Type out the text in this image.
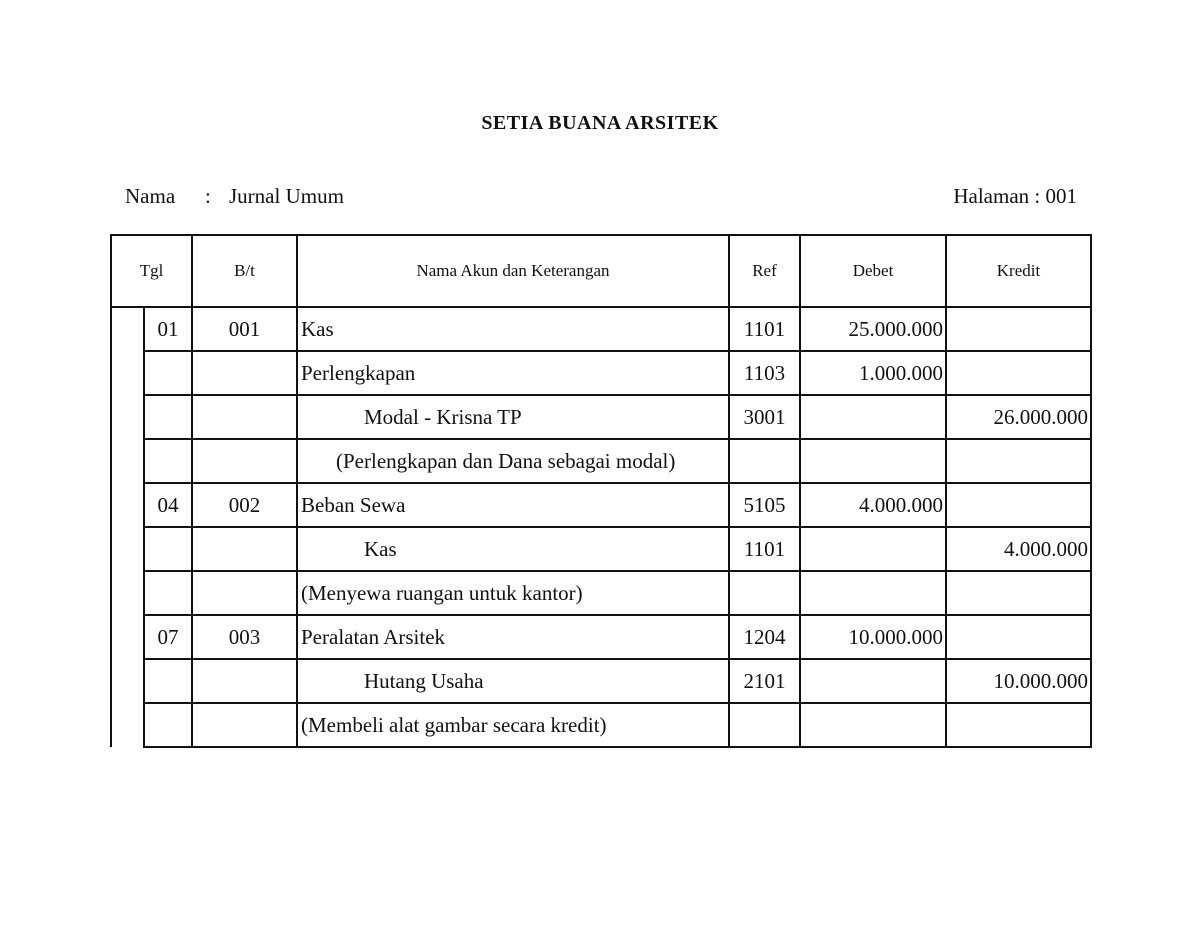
SETIA BUANA ARSITEK
Nama : Jurnal Umum	Halaman : 001
Tgl		B/t	Nama Akun dan Keterangan	Ref	Debet	Kredit
	01	001	Kas	1101	25.000.000	
			Perlengkapan	1103	1.000.000	
			Modal - Krisna TP	3001		26.000.000
			(Perlengkapan dan Dana sebagai modal)			
	04	002	Beban Sewa	5105	4.000.000	
			Kas	1101		4.000.000
			(Menyewa ruangan untuk kantor)			
	07	003	Peralatan Arsitek	1204	10.000.000	
			Hutang Usaha	2101		10.000.000
			(Membeli alat gambar secara kredit)			
